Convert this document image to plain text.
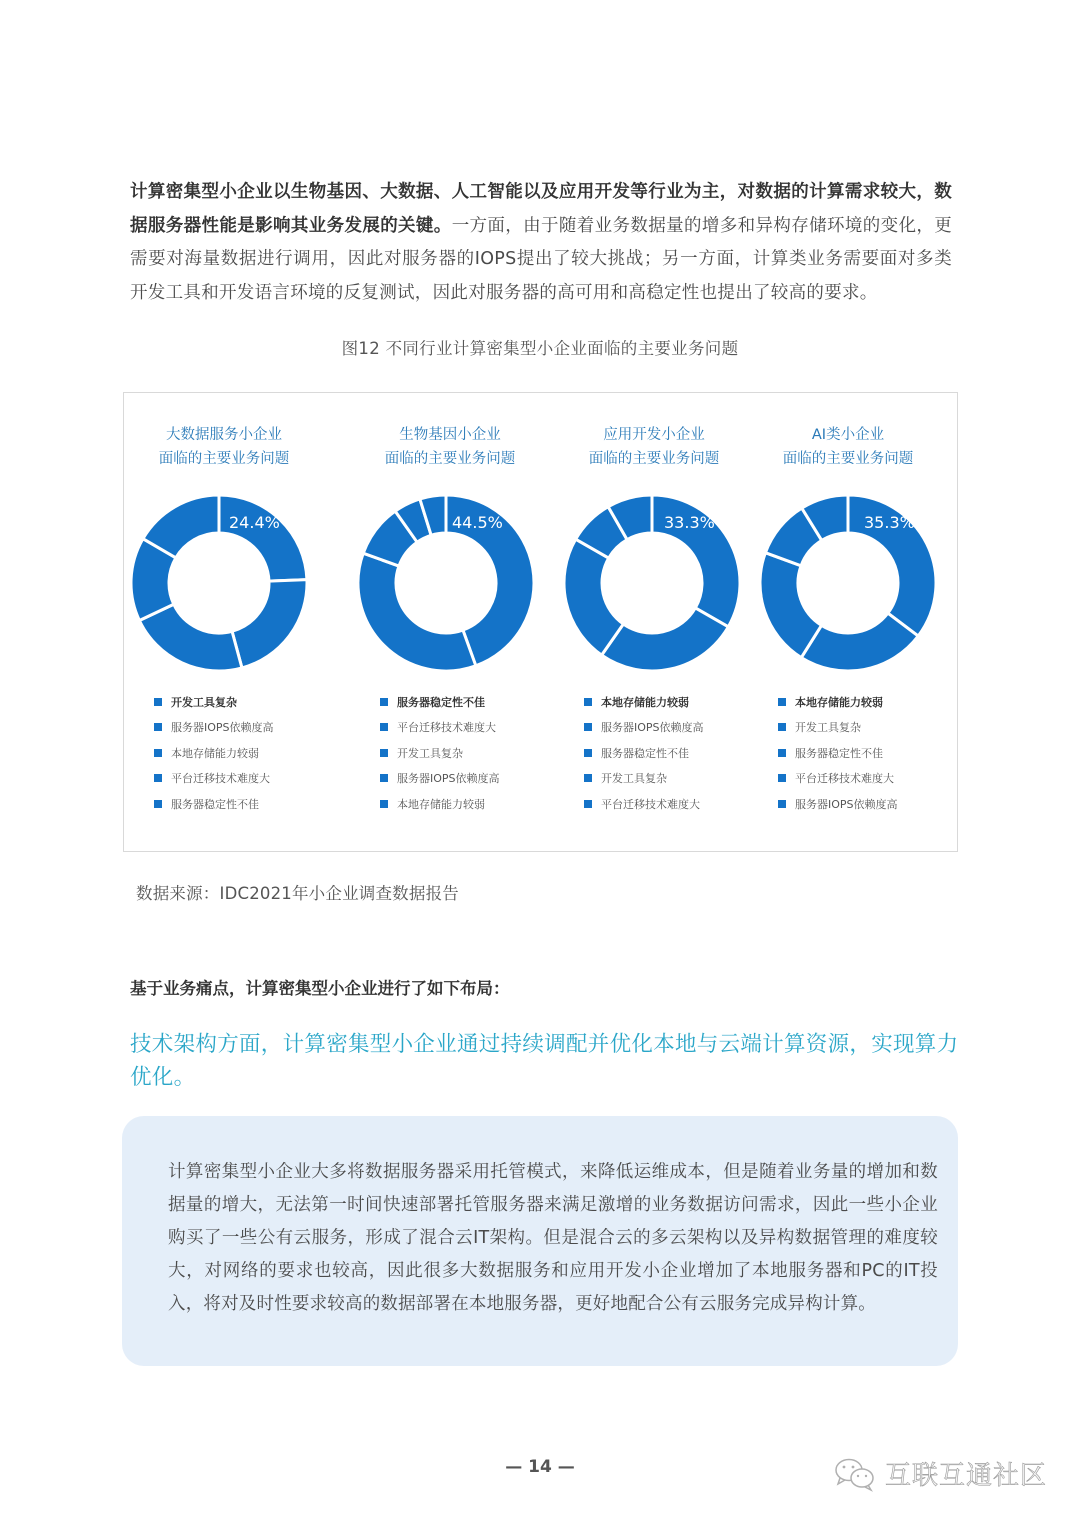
计算密集型小企业以生物基因、大数据、人工智能以及应用开发等行业为主，对数据的计算需求较大，数据服务器性能是影响其业务发展的关键。一方面，由于随着业务数据量的增多和异构存储环境的变化，更需要对海量数据进行调用，因此对服务器的IOPS提出了较大挑战；另一方面，计算类业务需要面对多类开发工具和开发语言环境的反复测试，因此对服务器的高可用和高稳定性也提出了较高的要求。
图12 不同行业计算密集型小企业面临的主要业务问题
大数据服务小企业
面临的主要业务问题
24.4%
开发工具复杂
服务器IOPS依赖度高
本地存储能力较弱
平台迁移技术难度大
服务器稳定性不佳
生物基因小企业
面临的主要业务问题
44.5%
服务器稳定性不佳
平台迁移技术难度大
开发工具复杂
服务器IOPS依赖度高
本地存储能力较弱
应用开发小企业
面临的主要业务问题
33.3%
本地存储能力较弱
服务器IOPS依赖度高
服务器稳定性不佳
开发工具复杂
平台迁移技术难度大
AI类小企业
面临的主要业务问题
35.3%
本地存储能力较弱
开发工具复杂
服务器稳定性不佳
平台迁移技术难度大
服务器IOPS依赖度高
数据来源：IDC2021年小企业调查数据报告
基于业务痛点，计算密集型小企业进行了如下布局：
技术架构方面，计算密集型小企业通过持续调配并优化本地与云端计算资源，实现算力优化。

计算密集型小企业大多将数据服务器采用托管模式，来降低运维成本，但是随着业务量的增加和数据量的增大，无法第一时间快速部署托管服务器来满足激增的业务数据访问需求，因此一些小企业购买了一些公有云服务，形成了混合云IT架构。但是混合云的多云架构以及异构数据管理的难度较大，对网络的要求也较高，因此很多大数据服务和应用开发小企业增加了本地服务器和PC的IT投入，将对及时性要求较高的数据部署在本地服务器，更好地配合公有云服务完成异构计算。

— 14 —	互联互通社区
